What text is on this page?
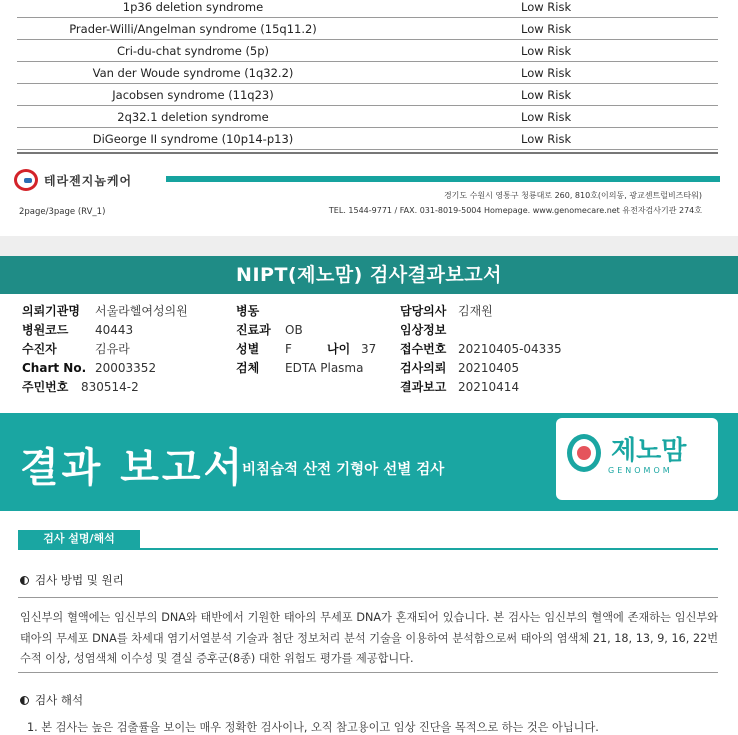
1p36 deletion syndrome	Low Risk
Prader-Willi/Angelman syndrome (15q11.2)	Low Risk
Cri-du-chat syndrome (5p)	Low Risk
Van der Woude syndrome (1q32.2)	Low Risk
Jacobsen syndrome (11q23)	Low Risk
2q32.1 deletion syndrome	Low Risk
DiGeorge II syndrome (10p14-p13)	Low Risk
테라젠지놈케어
경기도 수원시 영통구 청룡대로 260, 810호(이의동, 광교센트럴비즈타워)
2page/3page (RV_1)	TEL. 1544-9771 / FAX. 031-8019-5004 Homepage. www.genomecare.net 유전자검사기관 274호
NIPT(제노맘) 검사결과보고서
의뢰기관명 서울라헬여성의원
병원코드 40443
수진자	김유라
Chart No. 20003352
주민번호 830514-2
병동
진료과 OB
성별 F	나이 37
검체 EDTA Plasma
담당의사 김재원
임상정보
접수번호 20210405-04335
검사의뢰 20210405
결과보고 20210414
결과 보고서
비침습적 산전 기형아 선별 검사
제노맘
GENOMOM
검사 설명/해석
검사 방법 및 원리
임신부의 혈액에는 임신부의 DNA와 태반에서 기원한 태아의 무세포 DNA가 혼재되어 있습니다. 본 검사는 임신부의 혈액에 존재하는 임신부와 태아의 무세포 DNA를 차세대 염기서열분석 기술과 첨단 정보처리 분석 기술을 이용하여 분석함으로써 태아의 염색체 21, 18, 13, 9, 16, 22번 수적 이상, 성염색체 이수성 및 결실 증후군(8종) 대한 위험도 평가를 제공합니다.
검사 해석
1. 본 검사는 높은 검출률을 보이는 매우 정확한 검사이나, 오직 참고용이고 임상 진단을 목적으로 하는 것은 아닙니다.
